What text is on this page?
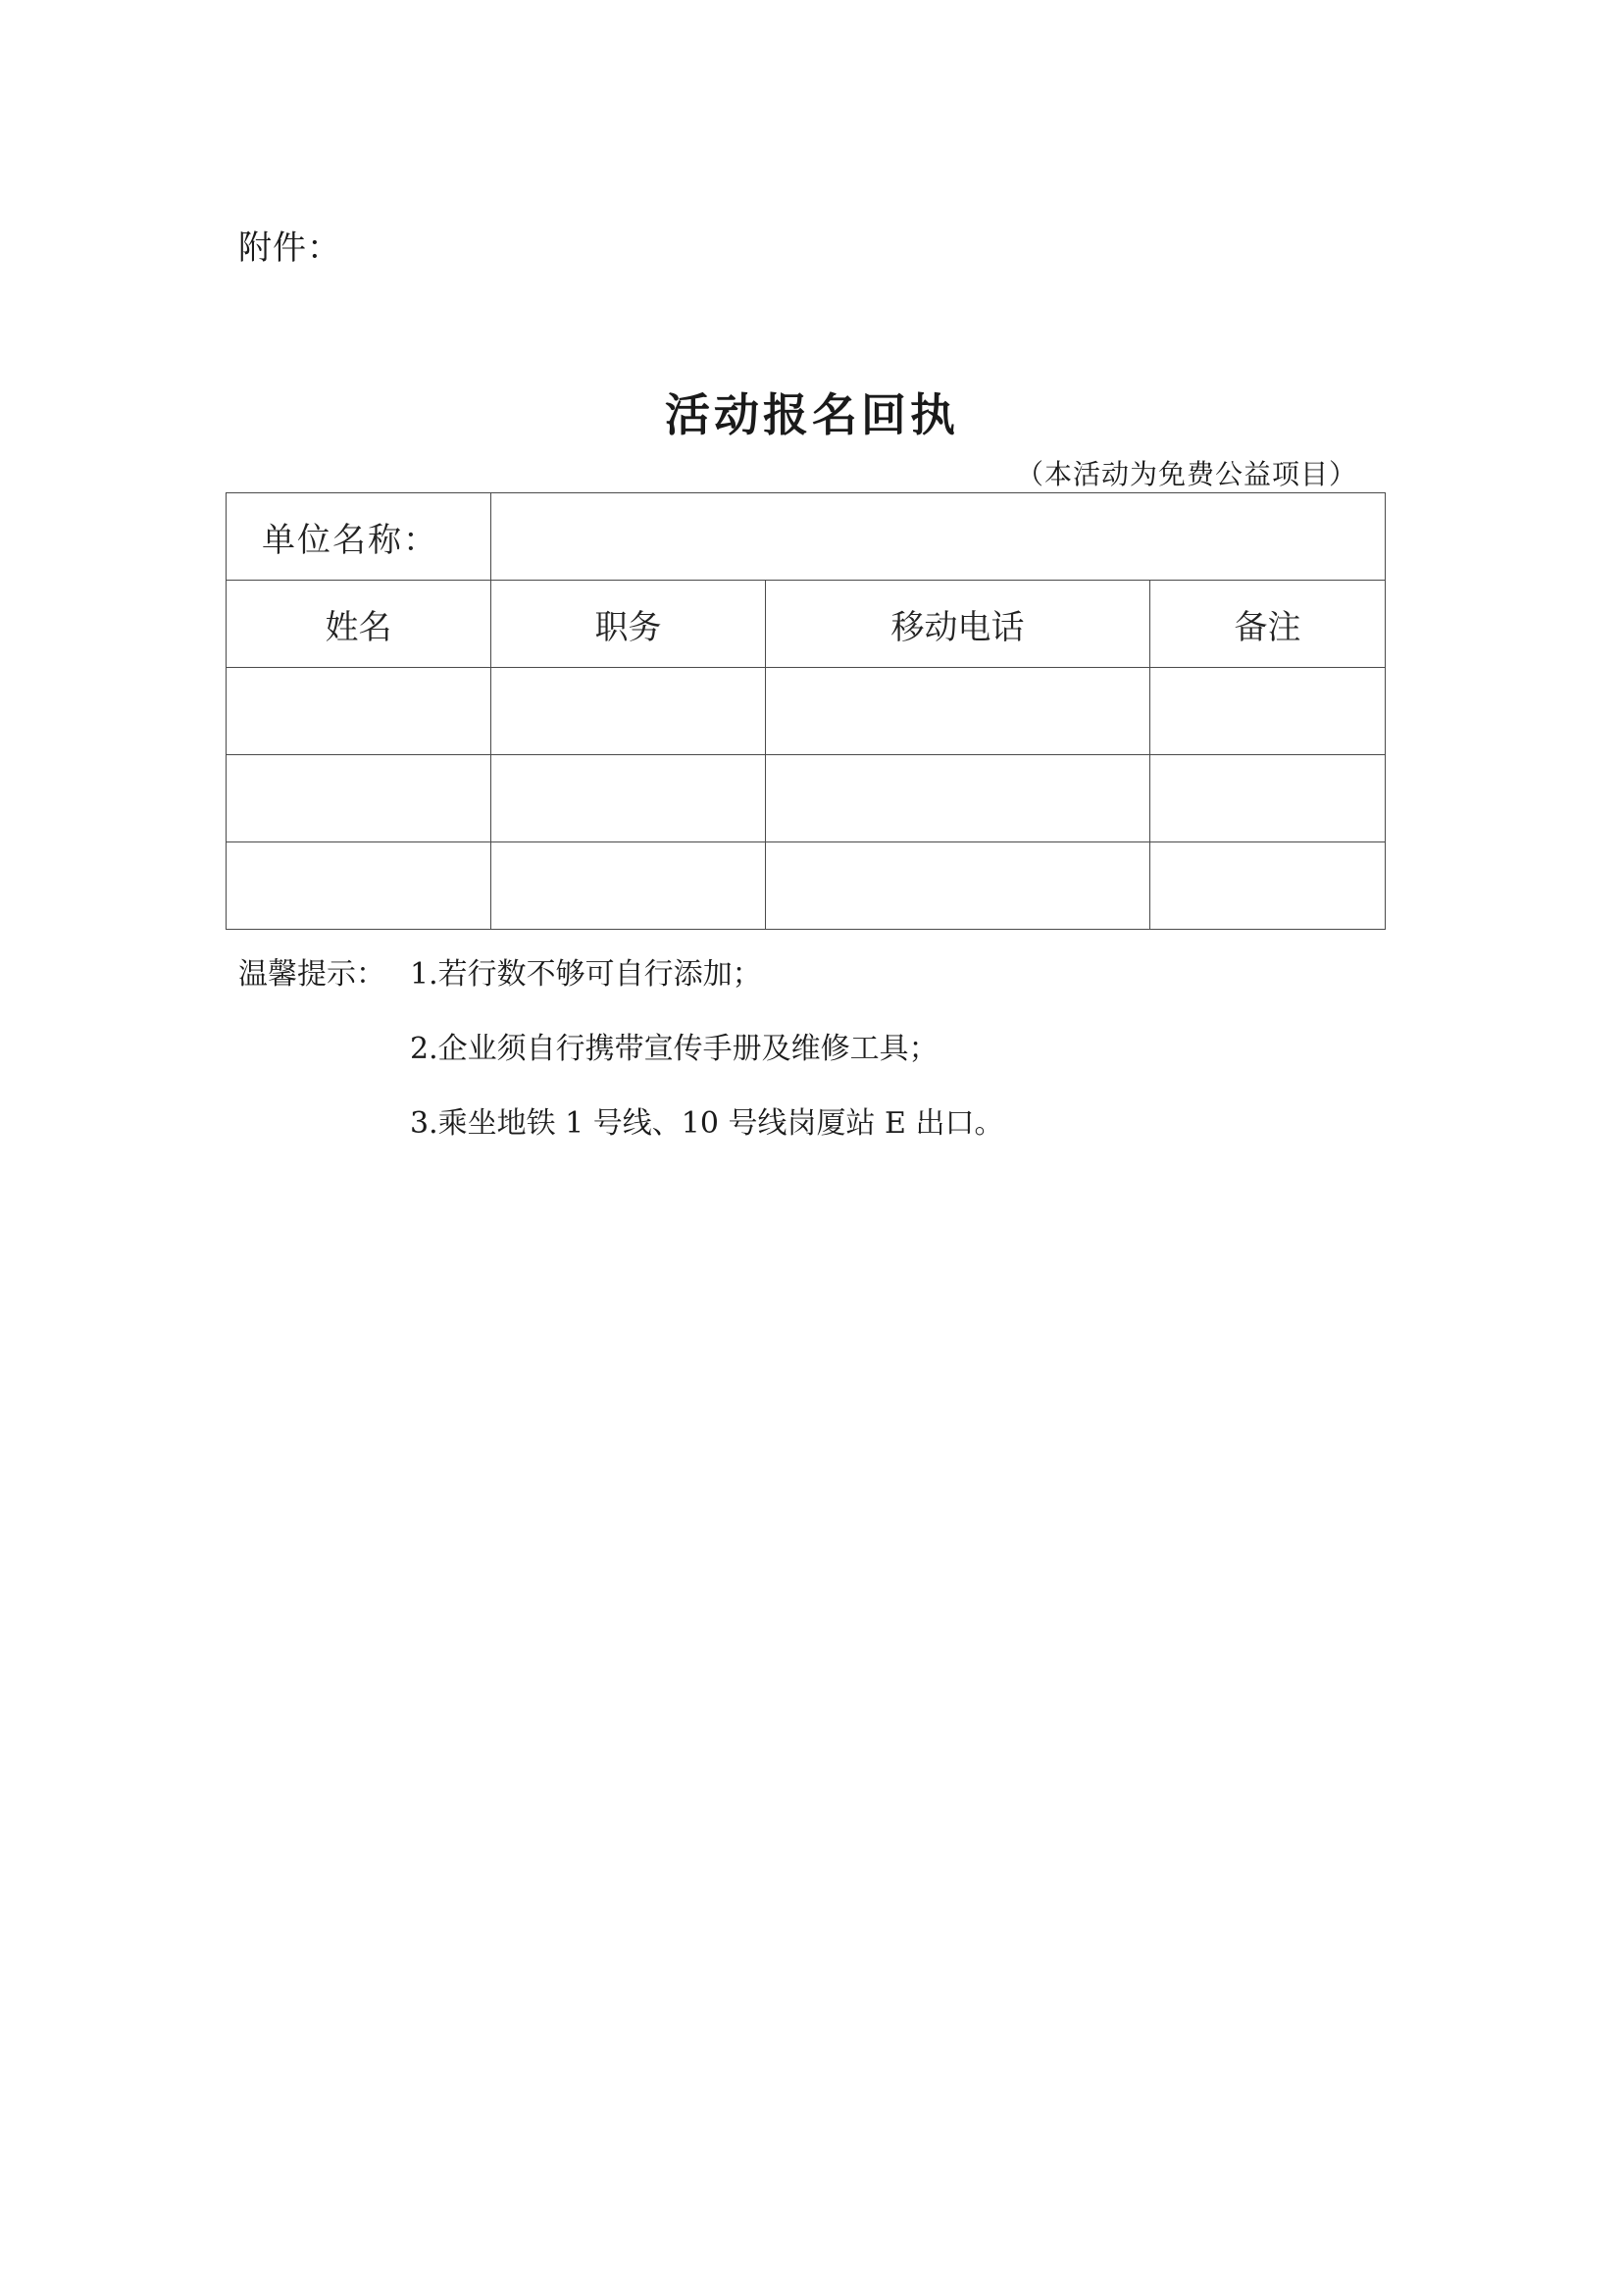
附件：
活动报名回执
（本活动为免费公益项目）
单位名称：			
姓名	职务	移动电话	备注

温馨提示： 1.若行数不够可自行添加；
2.企业须自行携带宣传手册及维修工具；
3.乘坐地铁 1 号线、10 号线岗厦站 E 出口。
